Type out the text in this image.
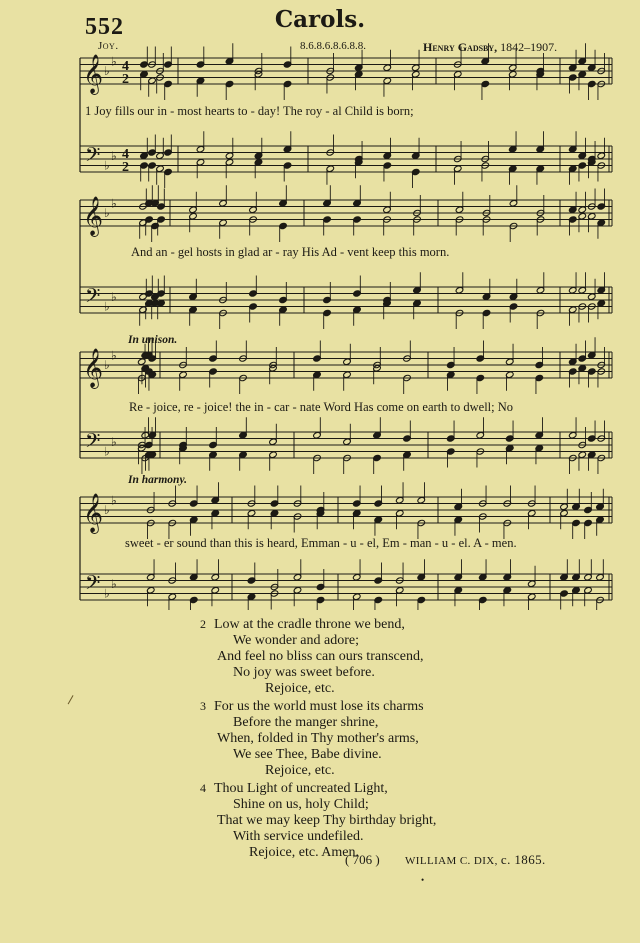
552	Carols.
Joy.	8.6.8.6.8.6.8.8.	Henry Gadsby, 1842–1907.
𝄞
𝄢
♭
♭
♭
♭
4
2
4
2
𝄞
𝄢
♭
♭
♭
♭
𝄞
𝄢
♭
♭
♭
♭
𝄞
𝄢
♭
♭
♭
♭
1 Joy fills our in - most hearts to - day! The roy - al Child is born;
And an - gel hosts in glad ar - ray His Ad - vent keep this morn.
In unison.
Re - joice, re - joice! the in - car - nate Word Has come on earth to dwell; No
In harmony.
sweet - er sound than this is heard, Emman - u - el, Em - man - u - el. A - men.
2 Low at the cradle throne we bend,
We wonder and adore;
And feel no bliss can ours transcend,
No joy was sweet before.
Rejoice, etc.
3 For us the world must lose its charms
Before the manger shrine,
When, folded in Thy mother's arms,
We see Thee, Babe divine.
Rejoice, etc.
4 Thou Light of uncreated Light,
Shine on us, holy Child;
That we may keep Thy birthday bright,
With service undefiled.
Rejoice, etc. Amen.
( 706 ) WILLIAM C. DIX, c. 1865.
•
